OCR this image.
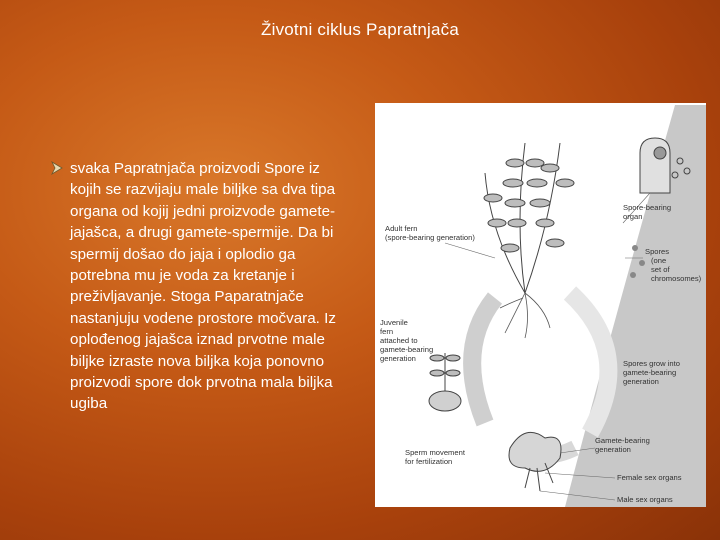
Životni ciklus Papratnjača
svaka Papratnjača proizvodi Spore iz kojih se razvijaju male biljke sa dva tipa organa od kojij jedni proizvode gamete-jajašca, a drugi gamete-spermije. Da bi spermij došao do jaja i oplodio ga potrebna mu je voda za kretanje i preživljavanje. Stoga Paparatnjače nastanjuju vodene prostore močvara. Iz oplođenog jajašca iznad prvotne male biljke izraste nova biljka koja ponovno proizvodi spore dok prvotna mala biljka ugiba
Spore-bearing
organ
Adult fern
(spore-bearing generation)
Spores
(one
set of
chromosomes)
Juvenile
fern
attached to
gamete-bearing
generation
Spores grow into
gamete-bearing
generation
Gamete-bearing
generation
Sperm movement
for fertilization
Female sex organs
Male sex organs
